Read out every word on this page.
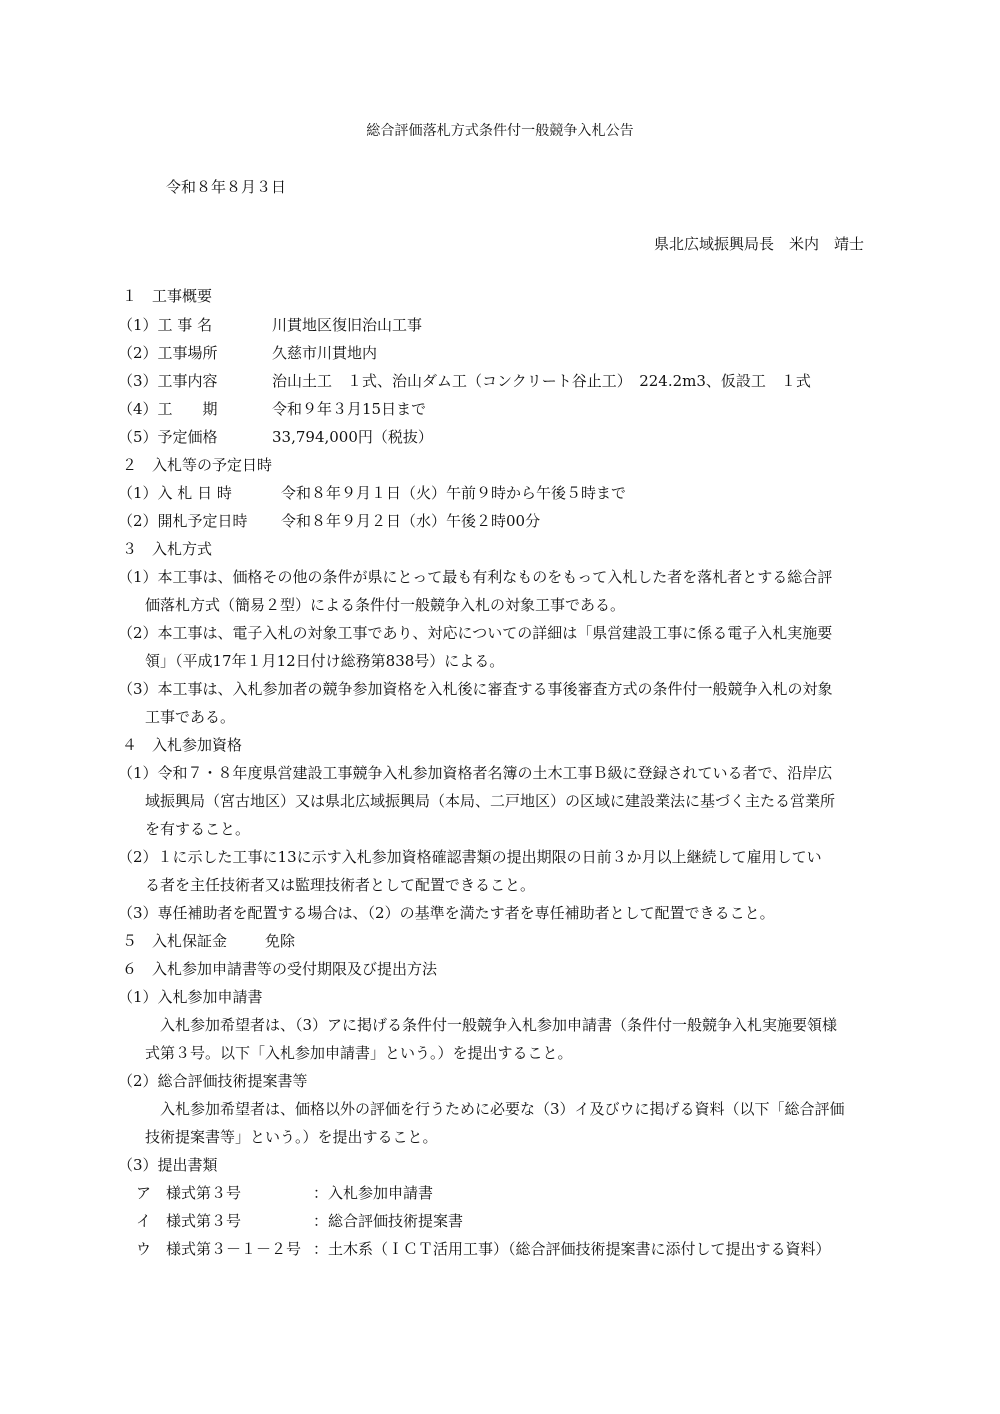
総合評価落札方式条件付一般競争入札公告
令和８年８月３日
県北広域振興局長　米内　靖士
１　工事概要
（1）工 事 名	川貫地区復旧治山工事
（2）工事場所	久慈市川貫地内
（3）工事内容	治山土工　１式、治山ダム工（コンクリート谷止工）　224.2m3、仮設工　１式
（4）工　　期	令和９年３月15日まで
（5）予定価格	33,794,000円（税抜）
２　入札等の予定日時
（1）入 札 日 時	令和８年９月１日（火）午前９時から午後５時まで
（2）開札予定日時 令和８年９月２日（水）午後２時00分
３　入札方式
（1）本工事は、価格その他の条件が県にとって最も有利なものをもって入札した者を落札者とする総合評
価落札方式（簡易２型）による条件付一般競争入札の対象工事である。
（2）本工事は、電子入札の対象工事であり、対応についての詳細は「県営建設工事に係る電子入札実施要
領」（平成17年１月12日付け総務第838号）による。
（3）本工事は、入札参加者の競争参加資格を入札後に審査する事後審査方式の条件付一般競争入札の対象
工事である。
４　入札参加資格
（1）令和７・８年度県営建設工事競争入札参加資格者名簿の土木工事Ｂ級に登録されている者で、沿岸広
域振興局（宮古地区）又は県北広域振興局（本局、二戸地区）の区域に建設業法に基づく主たる営業所
を有すること。
（2）１に示した工事に13に示す入札参加資格確認書類の提出期限の日前３か月以上継続して雇用してい
る者を主任技術者又は監理技術者として配置できること。
（3）専任補助者を配置する場合は、（2）の基準を満たす者を専任補助者として配置できること。
５　入札保証金	免除
６　入札参加申請書等の受付期限及び提出方法
（1）入札参加申請書
入札参加希望者は、（3）アに掲げる条件付一般競争入札参加申請書（条件付一般競争入札実施要領様
式第３号。以下「入札参加申請書」という。）を提出すること。
（2）総合評価技術提案書等
入札参加希望者は、価格以外の評価を行うために必要な（3）イ及びウに掲げる資料（以下「総合評価
技術提案書等」という。）を提出すること。
（3）提出書類
ア　様式第３号	：入札参加申請書
イ　様式第３号	：総合評価技術提案書
ウ　様式第３－１－２号 ：土木系（ＩＣＴ活用工事）（総合評価技術提案書に添付して提出する資料）
